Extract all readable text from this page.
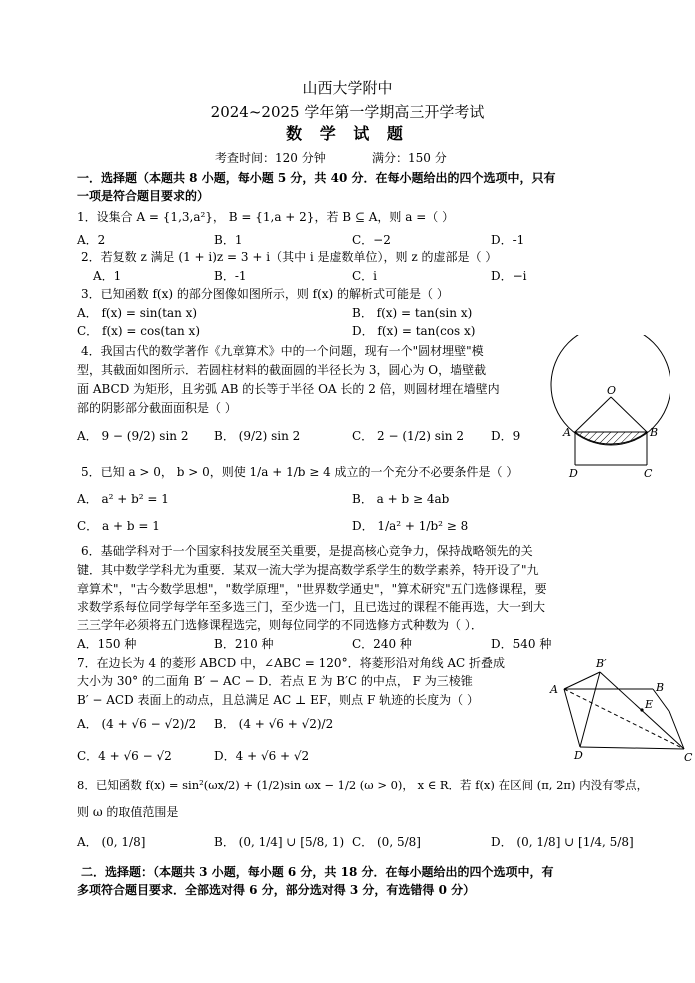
山西大学附中
2024~2025 学年第一学期高三开学考试
数 学 试 题
考查时间：120 分钟	满分：150 分
一．选择题（本题共 8 小题，每小题 5 分，共 40 分．在每小题给出的四个选项中，只有
一项是符合题目要求的）
1．设集合 A = {1,3,a²}， B = {1,a + 2}，若 B ⊆ A，则 a =（ ）
A．2	B．1	C．−2	D．-1
2．若复数 z 满足 (1 + i)z = 3 + i（其中 i 是虚数单位），则 z 的虚部是（ ）
A．1	B．-1	C．i	D．−i
3．已知函数 f(x) 的部分图像如图所示，则 f(x) 的解析式可能是（ ）
A． f(x) = sin(tan x)	B． f(x) = tan(sin x)
C． f(x) = cos(tan x)	D． f(x) = tan(cos x)
4．我国古代的数学著作《九章算术》中的一个问题，现有一个"圆材埋壁"模
型，其截面如图所示．若圆柱材料的截面圆的半径长为 3，圆心为 O，墙壁截
面 ABCD 为矩形，且劣弧 AB 的长等于半径 OA 长的 2 倍，则圆材埋在墙壁内
部的阴影部分截面面积是（ ）
A． 9 − (9/2) sin 2 B． (9/2) sin 2	C． 2 − (1/2) sin 2 D．9
O
A	B
D	C
5．已知 a > 0， b > 0，则使 1/a + 1/b ≥ 4 成立的一个充分不必要条件是（ ）
A． a² + b² = 1	B． a + b ≥ 4ab
C． a + b = 1	D． 1/a² + 1/b² ≥ 8
6．基础学科对于一个国家科技发展至关重要，是提高核心竞争力，保持战略领先的关
键．其中数学学科尤为重要．某双一流大学为提高数学系学生的数学素养，特开设了"九
章算术"，"古今数学思想"，"数学原理"，"世界数学通史"，"算术研究"五门选修课程，要
求数学系每位同学每学年至多选三门，至少选一门，且已选过的课程不能再选，大一到大
三三学年必须将五门选修课程选完，则每位同学的不同选修方式种数为（ ）．
A．150 种	B．210 种	C．240 种	D．540 种
7．在边长为 4 的菱形 ABCD 中，∠ABC = 120°．将菱形沿对角线 AC 折叠成
大小为 30° 的二面角 B′ − AC − D．若点 E 为 B′C 的中点， F 为三棱锥
B′ − ACD 表面上的动点，且总满足 AC ⊥ EF，则点 F 轨迹的长度为（ ）
A． (4 + √6 − √2)/2 B． (4 + √6 + √2)/2
C．4 + √6 − √2	D．4 + √6 + √2
A
B′
B
E
D	C
8．已知函数 f(x) = sin²(ωx/2) + (1/2)sin ωx − 1/2 (ω > 0)， x ∈ R．若 f(x) 在区间 (π, 2π) 内没有零点，
则 ω 的取值范围是
A． (0, 1/8]	B． (0, 1/4] ∪ [5/8, 1) C． (0, 5/8]	D． (0, 1/8] ∪ [1/4, 5/8]
二．选择题：（本题共 3 小题，每小题 6 分，共 18 分．在每小题给出的四个选项中，有
多项符合题目要求．全部选对得 6 分，部分选对得 3 分，有选错得 0 分）
